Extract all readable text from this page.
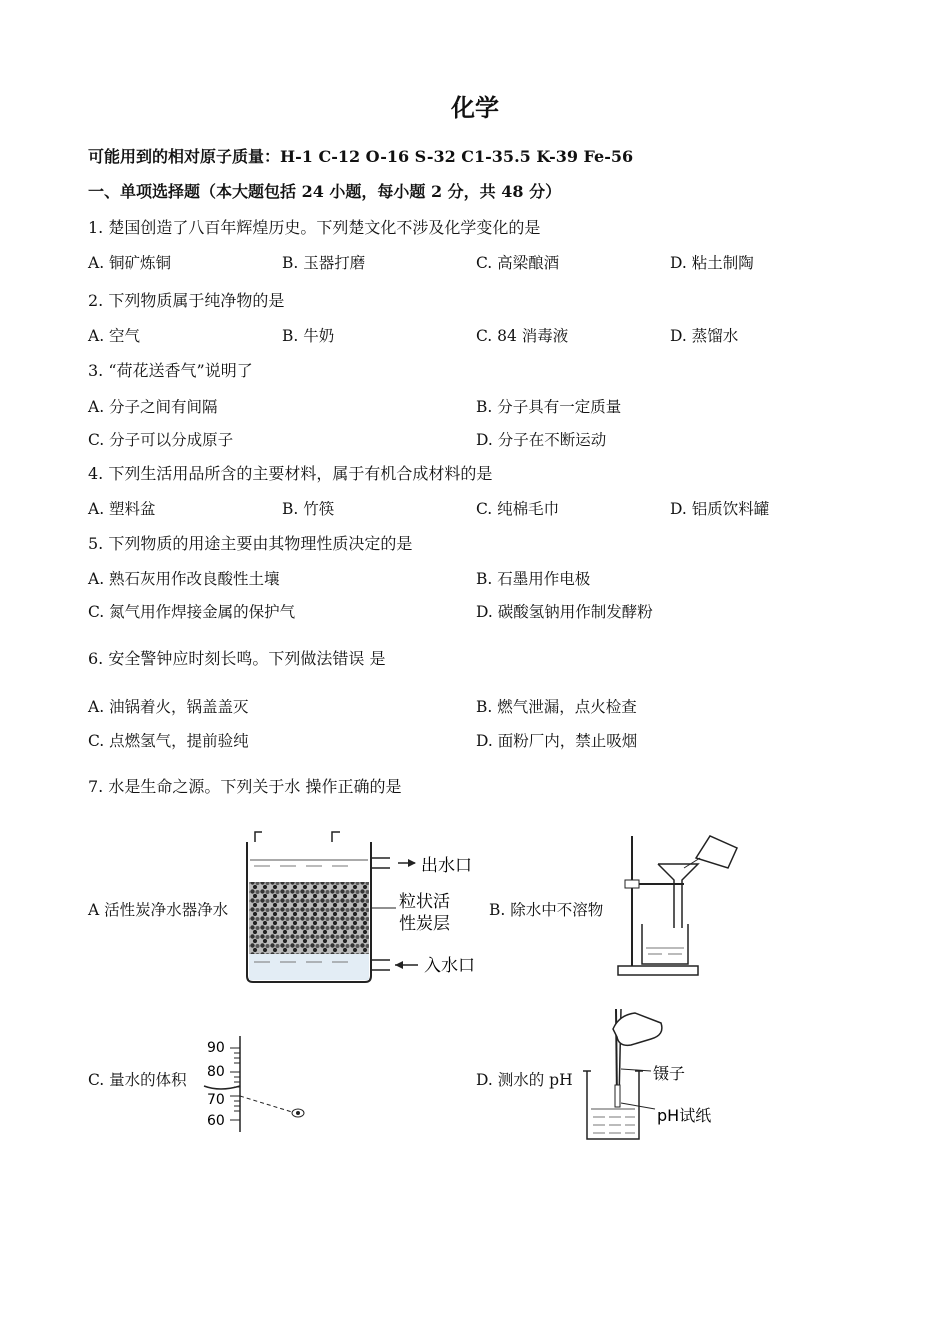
化学
可能用到的相对原子质量：H-1 C-12 O-16 S-32 C1-35.5 K-39 Fe-56
一、单项选择题（本大题包括 24 小题，每小题 2 分，共 48 分）
1. 楚国创造了八百年辉煌历史。下列楚文化不涉及化学变化的是
A. 铜矿炼铜	B. 玉器打磨	C. 高梁酿酒	D. 粘土制陶
2. 下列物质属于纯净物的是
A. 空气	B. 牛奶	C. 84 消毒液	D. 蒸馏水
3. “荷花送香气”说明了
A. 分子之间有间隔	B. 分子具有一定质量
C. 分子可以分成原子	D. 分子在不断运动
4. 下列生活用品所含的主要材料，属于有机合成材料的是
A. 塑料盆	B. 竹筷	C. 纯棉毛巾	D. 铝质饮料罐
5. 下列物质的用途主要由其物理性质决定的是
A. 熟石灰用作改良酸性土壤	B. 石墨用作电极
C. 氮气用作焊接金属的保护气	D. 碳酸氢钠用作制发酵粉
6. 安全警钟应时刻长鸣。下列做法错误 是
A. 油锅着火，锅盖盖灭	B. 燃气泄漏，点火检查
C. 点燃氢气，提前验纯	D. 面粉厂内，禁止吸烟
7. 水是生命之源。下列关于水 操作正确的是
A 活性炭净水器净水	B. 除水中不溶物
C. 量水的体积	D. 测水的 pH
出水口
粒状活
性炭层
入水口
90
80
70
60
镊子
pH试纸
